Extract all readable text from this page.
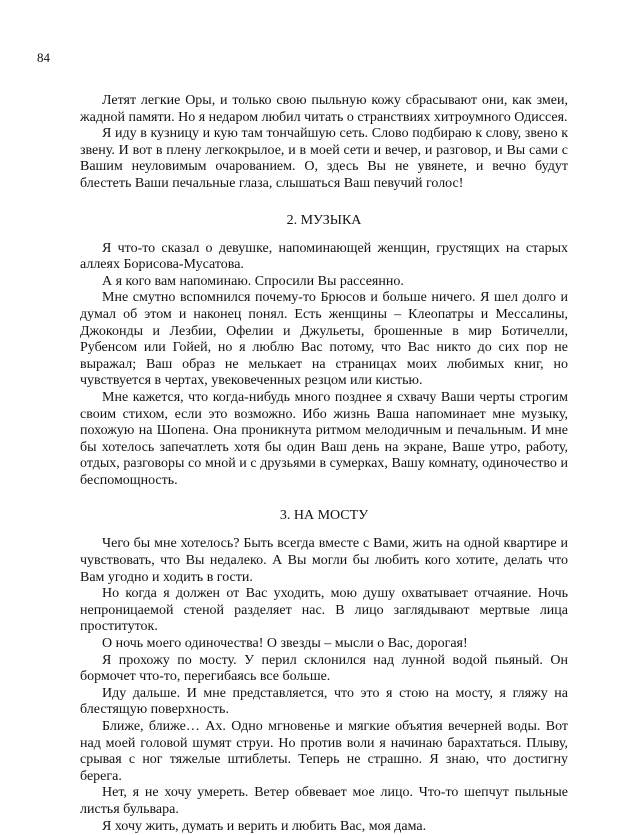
84

Летят легкие Оры, и только свою пыльную кожу сбрасывают они, как змеи, жадной памяти. Но я недаром любил читать о странствиях хитроумного Одиссея.

Я иду в кузницу и кую там тончайшую сеть. Слово подбираю к слову, звено к звену. И вот в плену легкокрылое, и в моей сети и вечер, и разговор, и Вы сами с Вашим неуловимым очарованием. О, здесь Вы не увянете, и вечно будут блестеть Ваши печальные глаза, слышаться Ваш певучий голос!

2. МУЗЫКА

Я что-то сказал о девушке, напоминающей женщин, грустящих на старых аллеях Борисова-Мусатова.

А я кого вам напоминаю. Спросили Вы рассеянно.

Мне смутно вспомнился почему-то Брюсов и больше ничего. Я шел долго и думал об этом и наконец понял. Есть женщины – Клеопатры и Мессалины, Джоконды и Лезбии, Офелии и Джульеты, брошенные в мир Ботичелли, Рубенсом или Гойей, но я люблю Вас потому, что Вас никто до сих пор не выражал; Ваш образ не мелькает на страницах моих любимых книг, но чувствуется в чертах, увековеченных резцом или кистью.

Мне кажется, что когда-нибудь много позднее я схвачу Ваши черты строгим своим стихом, если это возможно. Ибо жизнь Ваша напоминает мне музыку, похожую на Шопена. Она проникнута ритмом мелодичным и печальным. И мне бы хотелось запечатлеть хотя бы один Ваш день на экране, Ваше утро, работу, отдых, разговоры со мной и с друзьями в сумерках, Вашу комнату, одиночество и беспомощность.

3. НА МОСТУ

Чего бы мне хотелось? Быть всегда вместе с Вами, жить на одной квартире и чувствовать, что Вы недалеко. А Вы могли бы любить кого хотите, делать что Вам угодно и ходить в гости.

Но когда я должен от Вас уходить, мою душу охватывает отчаяние. Ночь непроницаемой стеной разделяет нас. В лицо заглядывают мертвые лица проституток.

О ночь моего одиночества! О звезды – мысли о Вас, дорогая!

Я прохожу по мосту. У перил склонился над лунной водой пьяный. Он бормочет что-то, перегибаясь все больше.

Иду дальше. И мне представляется, что это я стою на мосту, я гляжу на блестящую поверхность.

Ближе, ближе… Ах. Одно мгновенье и мягкие объятия вечерней воды. Вот над моей головой шумят струи. Но против воли я начинаю барахтаться. Плыву, срывая с ног тяжелые штиблеты. Теперь не страшно. Я знаю, что достигну берега.

Нет, я не хочу умереть. Ветер обвевает мое лицо. Что-то шепчут пыльные листья бульвара.

Я хочу жить, думать и верить и любить Вас, моя дама.
